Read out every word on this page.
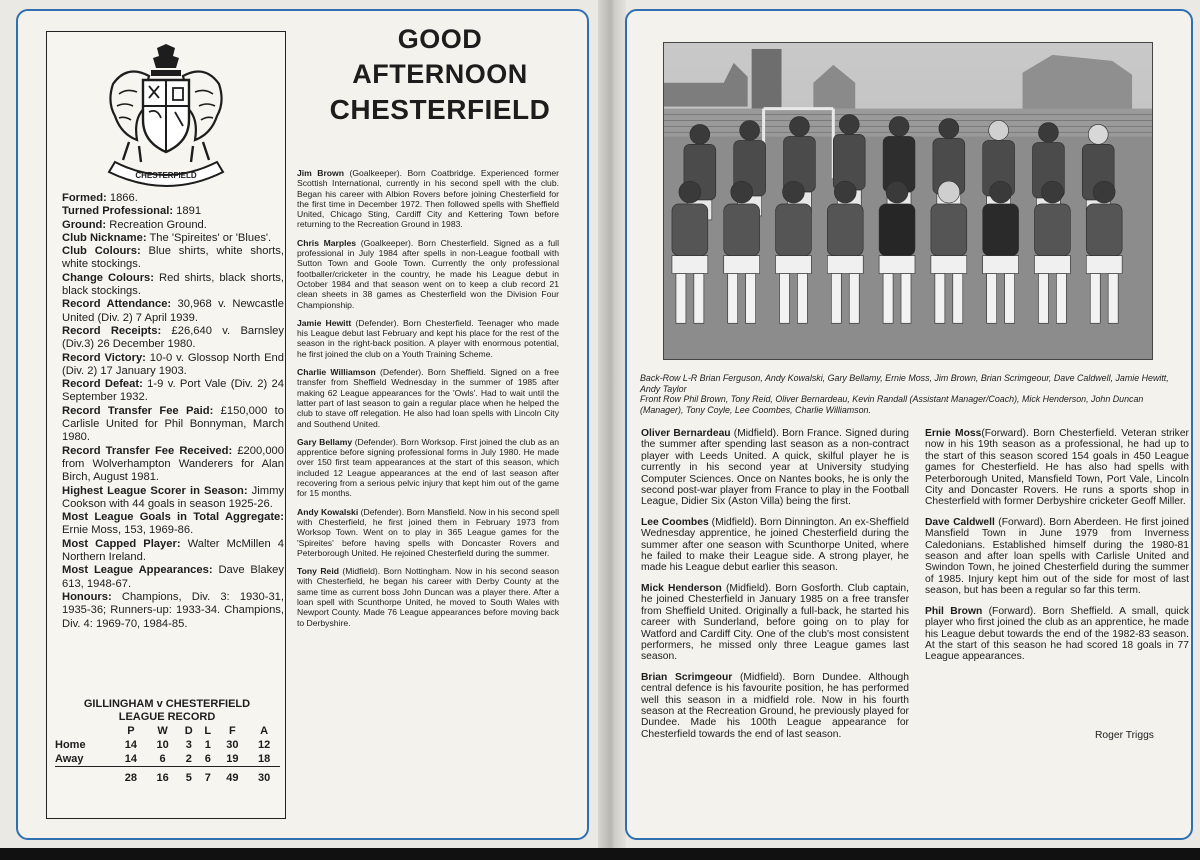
CHESTERFIELD

Formed: 1866.

Turned Professional: 1891

Ground: Recreation Ground.

Club Nickname: The 'Spireites' or 'Blues'.

Club Colours: Blue shirts, white shorts, white stockings.

Change Colours: Red shirts, black shorts, black stockings.

Record Attendance: 30,968 v. Newcastle United (Div. 2) 7 April 1939.

Record Receipts: £26,640 v. Barnsley (Div.3) 26 December 1980.

Record Victory: 10-0 v. Glossop North End (Div. 2) 17 January 1903.

Record Defeat: 1-9 v. Port Vale (Div. 2) 24 September 1932.

Record Transfer Fee Paid: £150,000 to Carlisle United for Phil Bonnyman, March 1980.

Record Transfer Fee Received: £200,000 from Wolverhampton Wanderers for Alan Birch, August 1981.

Highest League Scorer in Season: Jimmy Cookson with 44 goals in season 1925-26.

Most League Goals in Total Aggregate: Ernie Moss, 153, 1969-86.

Most Capped Player: Walter McMillen 4 Northern Ireland.

Most League Appearances: Dave Blakey 613, 1948-67.

Honours: Champions, Div. 3: 1930-31, 1935-36; Runners-up: 1933-34. Champions, Div. 4: 1969-70, 1984-85.

GILLINGHAM v CHESTERFIELD
LEAGUE RECORD
	P	W	D	L	F	A
Home	14	10	3	1	30	12
Away	14	6	2	6	19	18
	28	16	5	7	49	30
GOOD
AFTERNOON
CHESTERFIELD

Jim Brown (Goalkeeper). Born Coatbridge. Experienced former Scottish International, currently in his second spell with the club. Began his career with Albion Rovers before joining Chesterfield for the first time in December 1972. Then followed spells with Sheffield United, Chicago Sting, Cardiff City and Kettering Town before returning to the Recreation Ground in 1983.

Chris Marples (Goalkeeper). Born Chesterfield. Signed as a full professional in July 1984 after spells in non-League football with Sutton Town and Goole Town. Currently the only professional footballer/cricketer in the country, he made his League debut in October 1984 and that season went on to keep a club record 21 clean sheets in 38 games as Chesterfield won the Division Four Championship.

Jamie Hewitt (Defender). Born Chesterfield. Teenager who made his League debut last February and kept his place for the rest of the season in the right-back position. A player with enormous potential, he first joined the club on a Youth Training Scheme.

Charlie Williamson (Defender). Born Sheffield. Signed on a free transfer from Sheffield Wednesday in the summer of 1985 after making 62 League appearances for the 'Owls'. Had to wait until the latter part of last season to gain a regular place when he helped the club to stave off relegation. He also had loan spells with Lincoln City and Southend United.

Gary Bellamy (Defender). Born Worksop. First joined the club as an apprentice before signing professional forms in July 1980. He made over 150 first team appearances at the start of this season, which included 12 League appearances at the end of last season after recovering from a serious pelvic injury that kept him out of the game for 15 months.

Andy Kowalski (Defender). Born Mansfield. Now in his second spell with Chesterfield, he first joined them in February 1973 from Worksop Town. Went on to play in 365 League games for the 'Spireites' before having spells with Doncaster Rovers and Peterborough United. He rejoined Chesterfield during the summer.

Tony Reid (Midfield). Born Nottingham. Now in his second season with Chesterfield, he began his career with Derby County at the same time as current boss John Duncan was a player there. After a loan spell with Scunthorpe United, he moved to South Wales with Newport County. Made 76 League appearances before moving back to Derbyshire.

Back-Row L-R Brian Ferguson, Andy Kowalski, Gary Bellamy, Ernie Moss, Jim Brown, Brian Scrimgeour, Dave Caldwell, Jamie Hewitt, Andy Taylor
Front Row Phil Brown, Tony Reid, Oliver Bernardeau, Kevin Randall (Assistant Manager/Coach), Mick Henderson, John Duncan (Manager), Tony Coyle, Lee Coombes, Charlie Williamson.

Oliver Bernardeau (Midfield). Born France. Signed during the summer after spending last season as a non-contract player with Leeds United. A quick, skilful player he is currently in his second year at University studying Computer Sciences. Once on Nantes books, he is only the second post-war player from France to play in the Football League, Didier Six (Aston Villa) being the first.

Lee Coombes (Midfield). Born Dinnington. An ex-Sheffield Wednesday apprentice, he joined Chesterfield during the summer after one season with Scunthorpe United, where he failed to make their League side. A strong player, he made his League debut earlier this season.

Mick Henderson (Midfield). Born Gosforth. Club captain, he joined Chesterfield in January 1985 on a free transfer from Sheffield United. Originally a full-back, he started his career with Sunderland, before going on to play for Watford and Cardiff City. One of the club's most consistent performers, he missed only three League games last season.

Brian Scrimgeour (Midfield). Born Dundee. Although central defence is his favourite position, he has performed well this season in a midfield role. Now in his fourth season at the Recreation Ground, he previously played for Dundee. Made his 100th League appearance for Chesterfield towards the end of last season.

Ernie Moss(Forward). Born Chesterfield. Veteran striker now in his 19th season as a professional, he had up to the start of this season scored 154 goals in 450 League games for Chesterfield. He has also had spells with Peterborough United, Mansfield Town, Port Vale, Lincoln City and Doncaster Rovers. He runs a sports shop in Chesterfield with former Derbyshire cricketer Geoff Miller.

Dave Caldwell (Forward). Born Aberdeen. He first joined Mansfield Town in June 1979 from Inverness Caledonians. Established himself during the 1980-81 season and after loan spells with Carlisle United and Swindon Town, he joined Chesterfield during the summer of 1985. Injury kept him out of the side for most of last season, but has been a regular so far this term.

Phil Brown (Forward). Born Sheffield. A small, quick player who first joined the club as an apprentice, he made his League debut towards the end of the 1982-83 season. At the start of this season he had scored 18 goals in 77 League appearances.

Roger Triggs
